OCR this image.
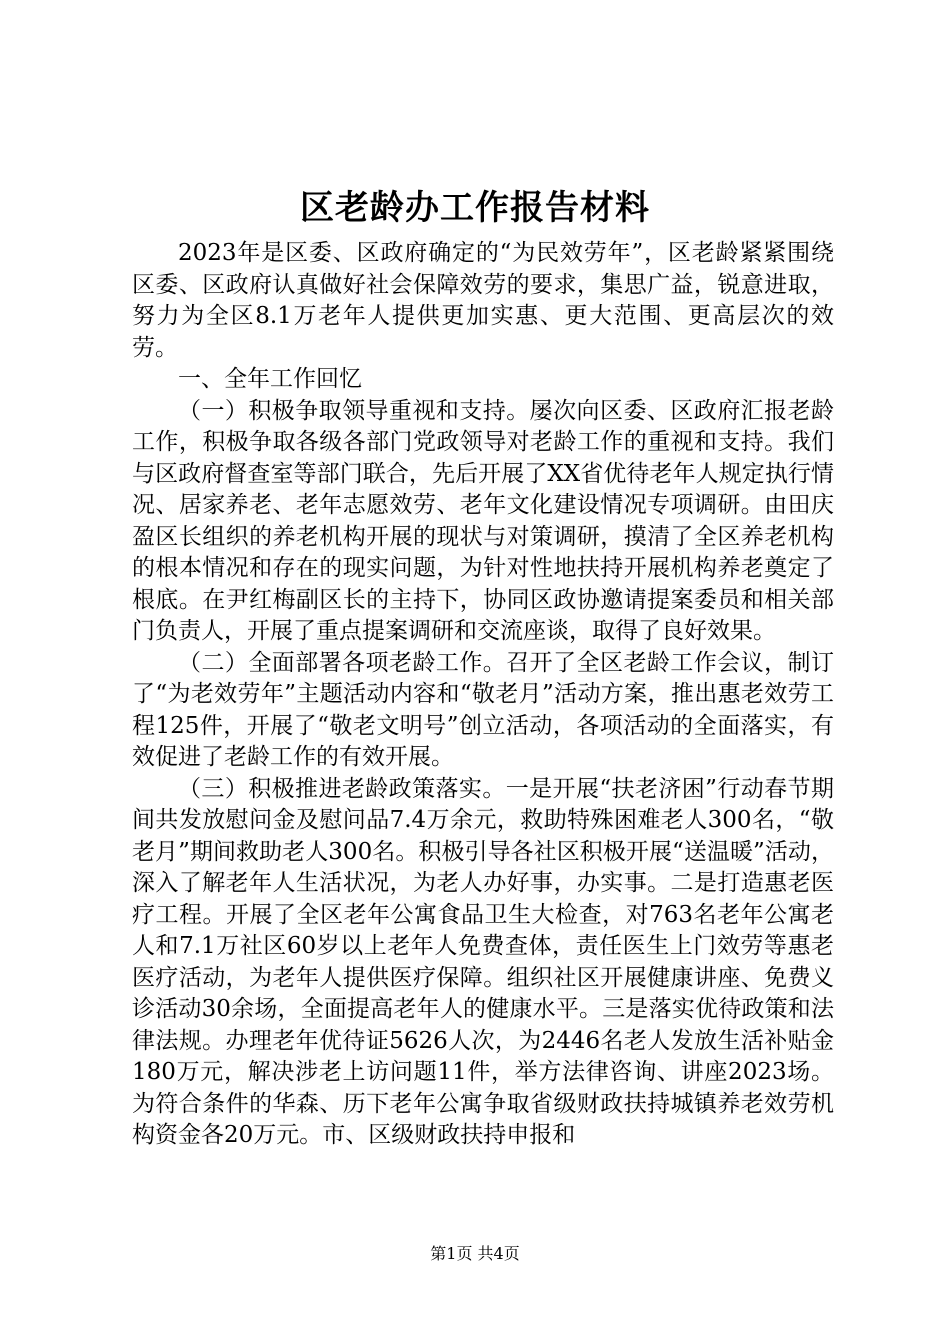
区老龄办工作报告材料

2023年是区委、区政府确定的“为民效劳年”，区老龄紧紧围绕区委、区政府认真做好社会保障效劳的要求，集思广益，锐意进取，努力为全区8.1万老年人提供更加实惠、更大范围、更高层次的效劳。

一、全年工作回忆

（一）积极争取领导重视和支持。屡次向区委、区政府汇报老龄工作，积极争取各级各部门党政领导对老龄工作的重视和支持。我们与区政府督查室等部门联合，先后开展了XX省优待老年人规定执行情况、居家养老、老年志愿效劳、老年文化建设情况专项调研。由田庆盈区长组织的养老机构开展的现状与对策调研，摸清了全区养老机构的根本情况和存在的现实问题，为针对性地扶持开展机构养老奠定了根底。在尹红梅副区长的主持下，协同区政协邀请提案委员和相关部门负责人，开展了重点提案调研和交流座谈，取得了良好效果。

（二）全面部署各项老龄工作。召开了全区老龄工作会议，制订了“为老效劳年”主题活动内容和“敬老月”活动方案，推出惠老效劳工程125件，开展了“敬老文明号”创立活动，各项活动的全面落实，有效促进了老龄工作的有效开展。

（三）积极推进老龄政策落实。一是开展“扶老济困”行动春节期间共发放慰问金及慰问品7.4万余元，救助特殊困难老人300名，“敬老月”期间救助老人300名。积极引导各社区积极开展“送温暖”活动，深入了解老年人生活状况，为老人办好事，办实事。二是打造惠老医疗工程。开展了全区老年公寓食品卫生大检查，对763名老年公寓老人和7.1万社区60岁以上老年人免费查体，责任医生上门效劳等惠老医疗活动，为老年人提供医疗保障。组织社区开展健康讲座、免费义诊活动30余场，全面提高老年人的健康水平。三是落实优待政策和法律法规。办理老年优待证5626人次，为2446名老人发放生活补贴金180万元，解决涉老上访问题11件，举方法律咨询、讲座2023场。为符合条件的华森、历下老年公寓争取省级财政扶持城镇养老效劳机构资金各20万元。市、区级财政扶持申报和

第1页 共4页
